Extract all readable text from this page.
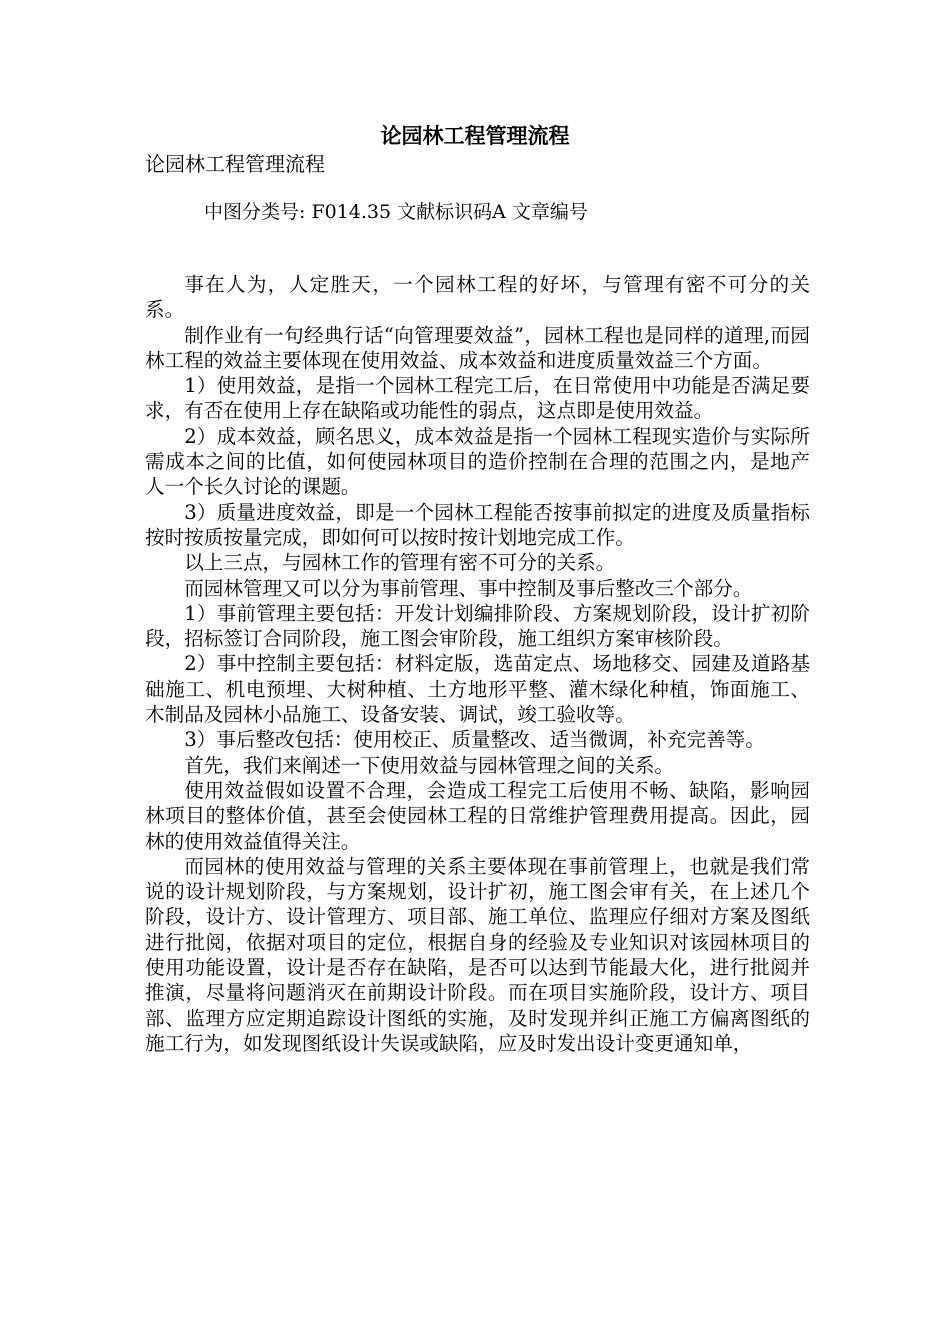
论园林工程管理流程

论园林工程管理流程

中图分类号: F014.35 文献标识码A 文章编号

事在人为，人定胜天，一个园林工程的好坏，与管理有密不可分的关系。

制作业有一句经典行话“向管理要效益”，园林工程也是同样的道理,而园林工程的效益主要体现在使用效益、成本效益和进度质量效益三个方面。

1）使用效益，是指一个园林工程完工后，在日常使用中功能是否满足要求，有否在使用上存在缺陷或功能性的弱点，这点即是使用效益。

2）成本效益，顾名思义，成本效益是指一个园林工程现实造价与实际所需成本之间的比值，如何使园林项目的造价控制在合理的范围之内，是地产人一个长久讨论的课题。

3）质量进度效益，即是一个园林工程能否按事前拟定的进度及质量指标按时按质按量完成，即如何可以按时按计划地完成工作。

以上三点，与园林工作的管理有密不可分的关系。

而园林管理又可以分为事前管理、事中控制及事后整改三个部分。

1）事前管理主要包括：开发计划编排阶段、方案规划阶段，设计扩初阶段，招标签订合同阶段，施工图会审阶段，施工组织方案审核阶段。

2）事中控制主要包括：材料定版，选苗定点、场地移交、园建及道路基础施工、机电预埋、大树种植、土方地形平整、灌木绿化种植，饰面施工、木制品及园林小品施工、设备安装、调试，竣工验收等。

3）事后整改包括：使用校正、质量整改、适当微调，补充完善等。

首先，我们来阐述一下使用效益与园林管理之间的关系。

使用效益假如设置不合理，会造成工程完工后使用不畅、缺陷，影响园林项目的整体价值，甚至会使园林工程的日常维护管理费用提高。因此，园林的使用效益值得关注。

而园林的使用效益与管理的关系主要体现在事前管理上，也就是我们常说的设计规划阶段，与方案规划，设计扩初，施工图会审有关，在上述几个阶段，设计方、设计管理方、项目部、施工单位、监理应仔细对方案及图纸进行批阅，依据对项目的定位，根据自身的经验及专业知识对该园林项目的使用功能设置，设计是否存在缺陷，是否可以达到节能最大化，进行批阅并推演，尽量将问题消灭在前期设计阶段。而在项目实施阶段，设计方、项目部、监理方应定期追踪设计图纸的实施，及时发现并纠正施工方偏离图纸的施工行为，如发现图纸设计失误或缺陷，应及时发出设计变更通知单，
